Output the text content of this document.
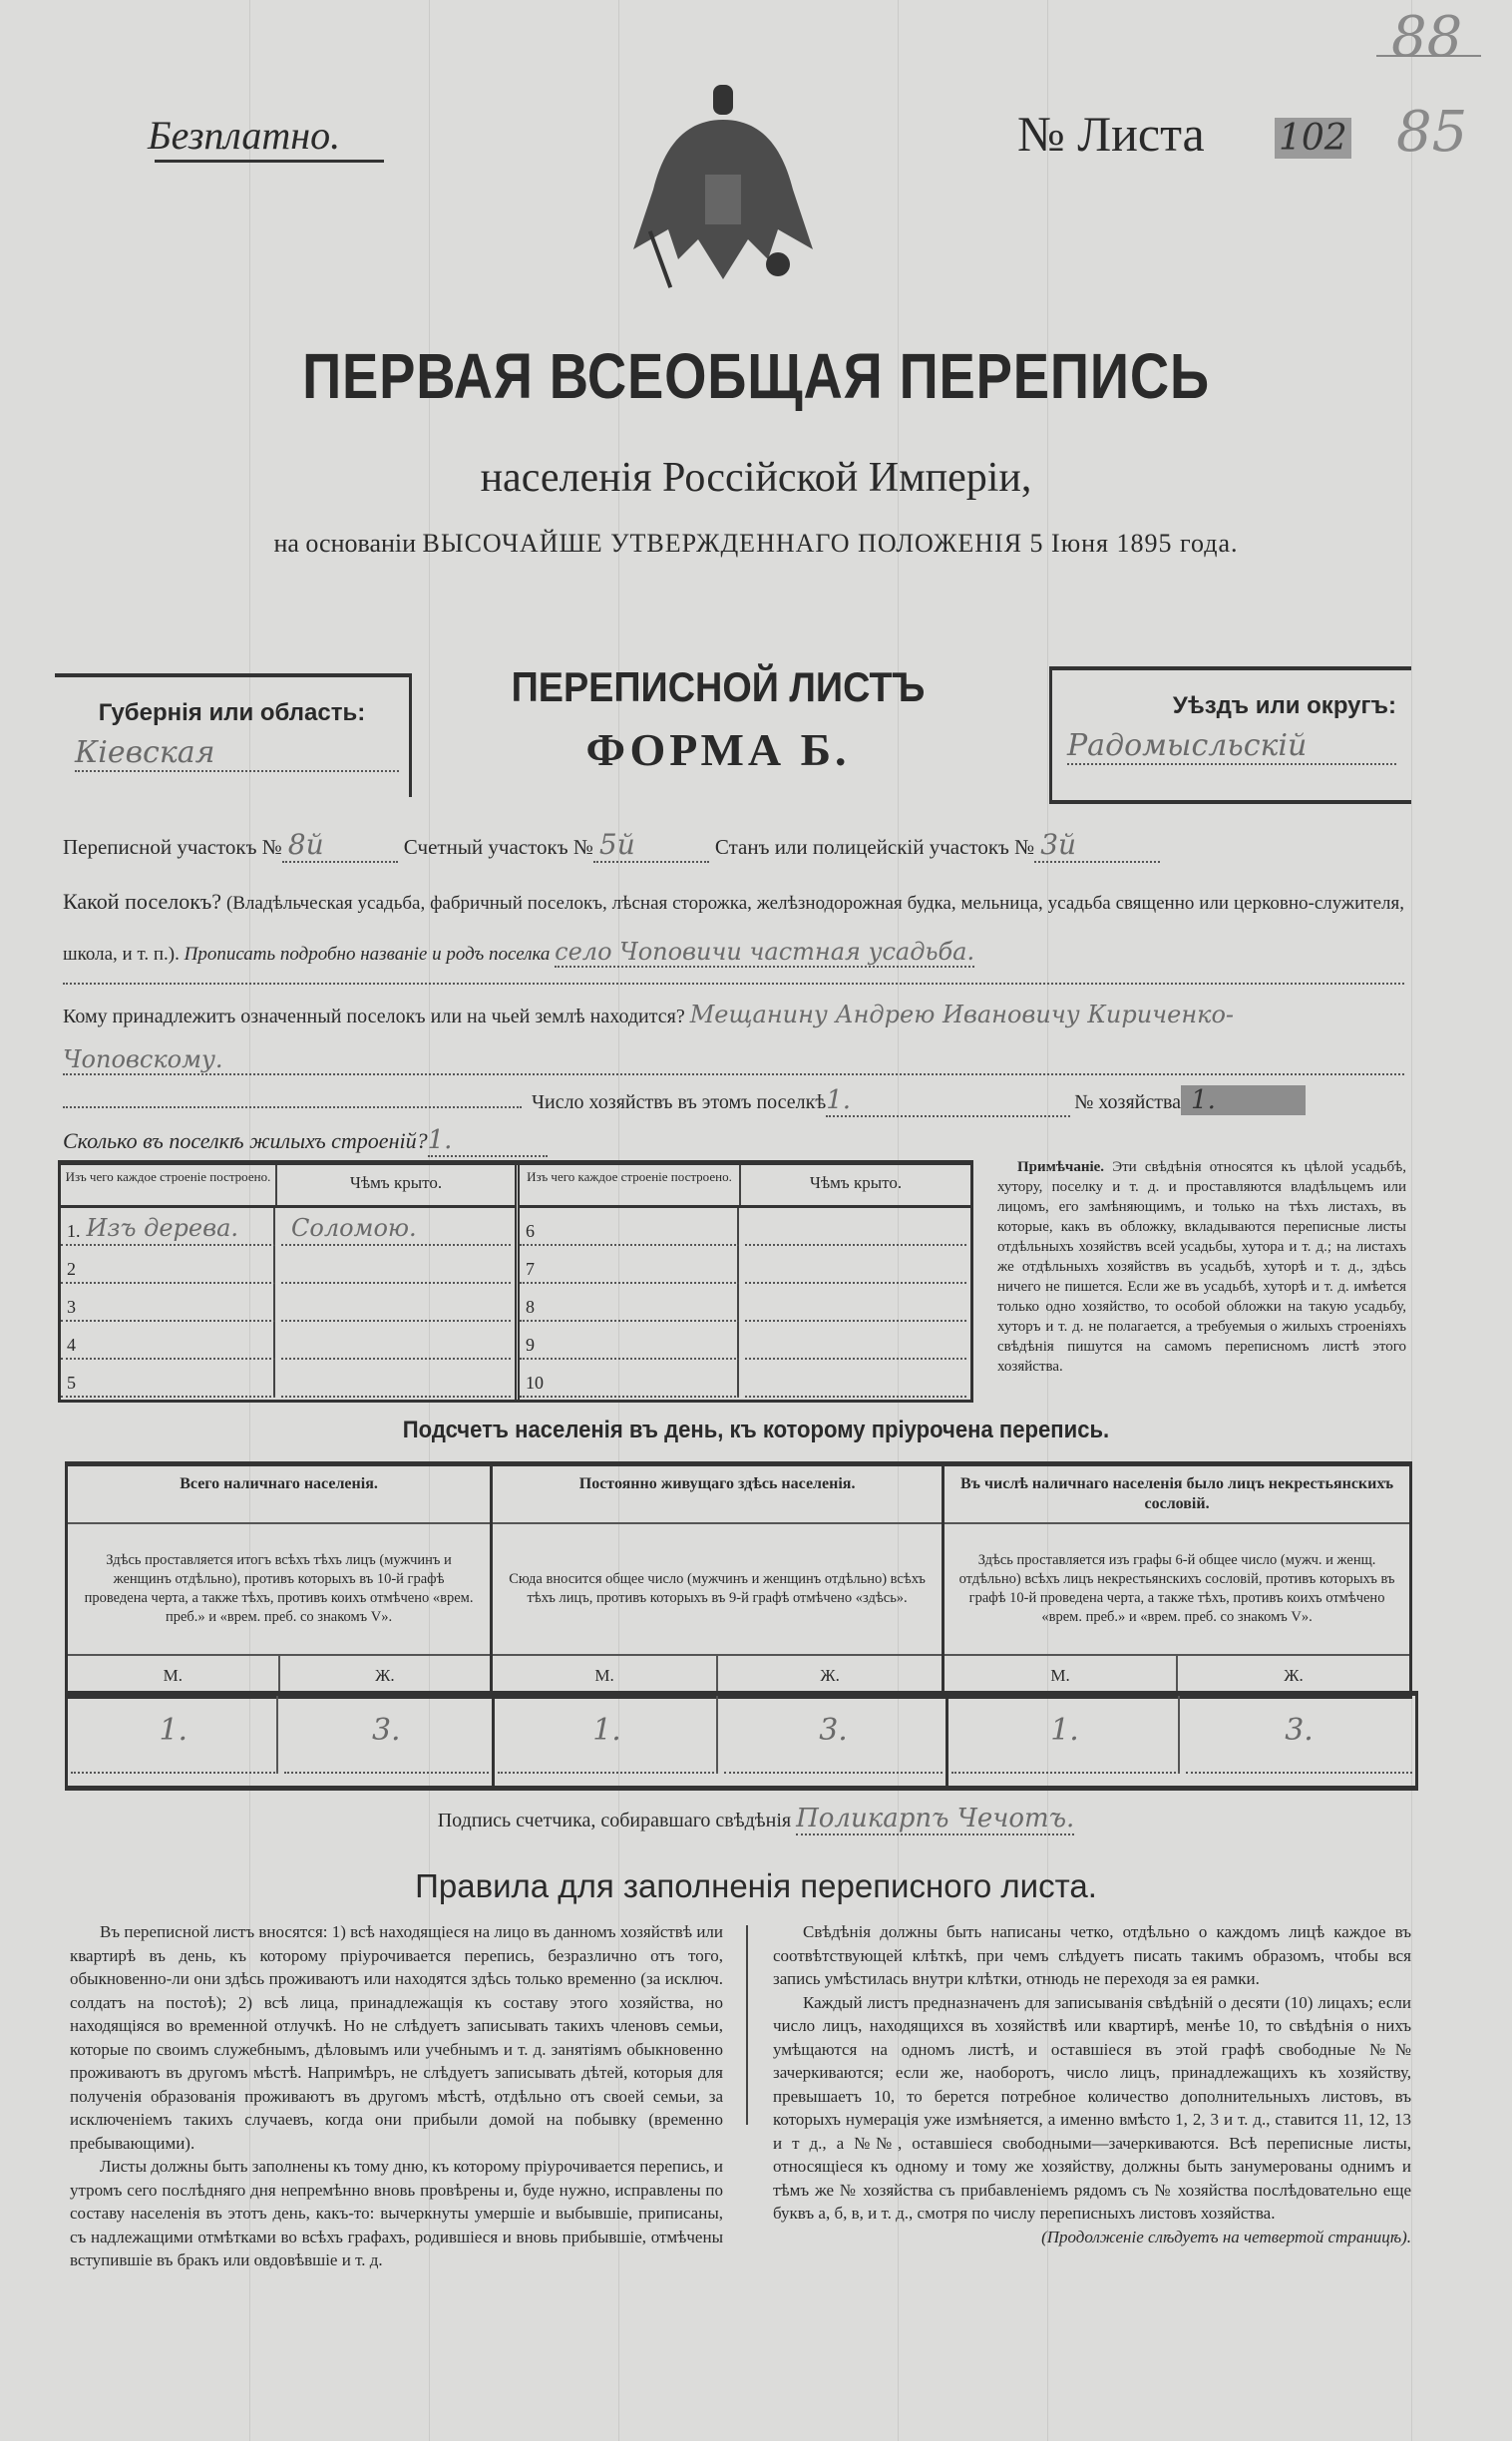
Безплатно.	№ Листа 102
88
85
ПЕРВАЯ ВСЕОБЩАЯ ПЕРЕПИСЬ
населенія Россійской Имперіи,
на основаніи ВЫСОЧАЙШЕ УТВЕРЖДЕННАГО ПОЛОЖЕНІЯ 5 Іюня 1895 года.
Губернія или область:
Кіевская
ПЕРЕПИСНОЙ ЛИСТЪ
ФОРМА Б.
Уѣздъ или округъ:
Радомысльскій
Переписной участокъ № 8й	Счетный участокъ № 5й	Станъ или полицейскій участокъ № 3й
Какой поселокъ? (Владѣльческая усадьба, фабричный поселокъ, лѣсная сторожка, желѣзнодорожная будка, мельница, усадьба священно или церковно-служителя, школа, и т. п.). Прописать подробно названіе и родъ поселка село Чоповичи частная усадьба.
Кому принадлежитъ означенный поселокъ или на чьей землѣ находится? Мещанину Андрею Ивановичу Кириченко-
Чоповскому.
Число хозяйствъ въ этомъ поселкѣ 1.	№ хозяйства 1.
Сколько въ поселкѣ жилыхъ строеній? 1.
Изъ чего каждое строеніе построено.	Чѣмъ крыто.
1. Изъ дерева.	Соломою.
2
3
4
5
Изъ чего каждое строеніе построено.	Чѣмъ крыто.
6
7
8
9
10
Примѣчаніе. Эти свѣдѣнія относятся къ цѣлой усадьбѣ, хутору, поселку и т. д. и проставляются владѣльцемъ или лицомъ, его замѣняющимъ, и только на тѣхъ листахъ, въ которые, какъ въ обложку, вкладываются переписные листы отдѣльныхъ хозяйствъ всей усадьбы, хутора и т. д.; на листахъ же отдѣльныхъ хозяйствъ въ усадьбѣ, хуторѣ и т. д., здѣсь ничего не пишется. Если же въ усадьбѣ, хуторѣ и т. д. имѣется только одно хозяйство, то особой обложки на такую усадьбу, хуторъ и т. д. не полагается, а требуемыя о жилыхъ строеніяхъ свѣдѣнія пишутся на самомъ переписномъ листѣ этого хозяйства.
Подсчетъ населенія въ день, къ которому пріурочена перепись.
Всего наличнаго населенія.
Здѣсь проставляется итогъ всѣхъ тѣхъ лицъ (мужчинъ и женщинъ отдѣльно), противъ которыхъ въ 10-й графѣ проведена черта, а также тѣхъ, противъ коихъ отмѣчено «врем. преб.» и «врем. преб. со знакомъ V».
М.	Ж.
Постоянно живущаго здѣсь населенія.
Сюда вносится общее число (мужчинъ и женщинъ отдѣльно) всѣхъ тѣхъ лицъ, противъ которыхъ въ 9-й графѣ отмѣчено «здѣсь».
М.	Ж.
Въ числѣ наличнаго населенія было лицъ некрестьянскихъ сословій.
Здѣсь проставляется изъ графы 6-й общее число (мужч. и женщ. отдѣльно) всѣхъ лицъ некрестьянскихъ сословій, противъ которыхъ въ графѣ 10-й проведена черта, а также тѣхъ, противъ коихъ отмѣчено «врем. преб.» и «врем. преб. со знакомъ V».
М.	Ж.
1.	3.	1.	3.	1.	3.
Подпись счетчика, собиравшаго свѣдѣнія Поликарпъ Чечотъ.
Правила для заполненія переписного листа.

Въ переписной листъ вносятся: 1) всѣ находящіеся на лицо въ данномъ хозяйствѣ или квартирѣ въ день, къ которому пріурочивается перепись, безразлично отъ того, обыкновенно-ли они здѣсь проживаютъ или находятся здѣсь только временно (за исключ. солдатъ на постоѣ); 2) всѣ лица, принадлежащія къ составу этого хозяйства, но находящіяся во временной отлучкѣ. Но не слѣдуетъ записывать такихъ членовъ семьи, которые по своимъ служебнымъ, дѣловымъ или учебнымъ и т. д. занятіямъ обыкновенно проживаютъ въ другомъ мѣстѣ. Напримѣръ, не слѣдуетъ записывать дѣтей, которыя для полученія образованія проживаютъ въ другомъ мѣстѣ, отдѣльно отъ своей семьи, за исключеніемъ такихъ случаевъ, когда они прибыли домой на побывку (временно пребывающими).

Листы должны быть заполнены къ тому дню, къ которому пріурочивается перепись, и утромъ сего послѣдняго дня непремѣнно вновь провѣрены и, буде нужно, исправлены по составу населенія въ этотъ день, какъ-то: вычеркнуты умершіе и выбывшіе, приписаны, съ надлежащими отмѣтками во всѣхъ графахъ, родившіеся и вновь прибывшіе, отмѣчены вступившіе въ бракъ или овдовѣвшіе и т. д.

Свѣдѣнія должны быть написаны четко, отдѣльно о каждомъ лицѣ каждое въ соотвѣтствующей клѣткѣ, при чемъ слѣдуетъ писать такимъ образомъ, чтобы вся запись умѣстилась внутри клѣтки, отнюдь не переходя за ея рамки.

Каждый листъ предназначенъ для записыванія свѣдѣній о десяти (10) лицахъ; если число лицъ, находящихся въ хозяйствѣ или квартирѣ, менѣе 10, то свѣдѣнія о нихъ умѣщаются на одномъ листѣ, и оставшіеся въ этой графѣ свободные №№ зачеркиваются; если же, наоборотъ, число лицъ, принадлежащихъ къ хозяйству, превышаетъ 10, то берется потребное количество дополнительныхъ листовъ, въ которыхъ нумерація уже измѣняется, а именно вмѣсто 1, 2, 3 и т. д., ставится 11, 12, 13 и т д., а №№, оставшіеся свободными—зачеркиваются. Всѣ переписные листы, относящіеся къ одному и тому же хозяйству, должны быть занумерованы однимъ и тѣмъ же № хозяйства съ прибавленіемъ рядомъ съ № хозяйства послѣдовательно еще буквъ а, б, в, и т. д., смотря по числу переписныхъ листовъ хозяйства.

(Продолженіе слѣдуетъ на четвертой страницѣ).
